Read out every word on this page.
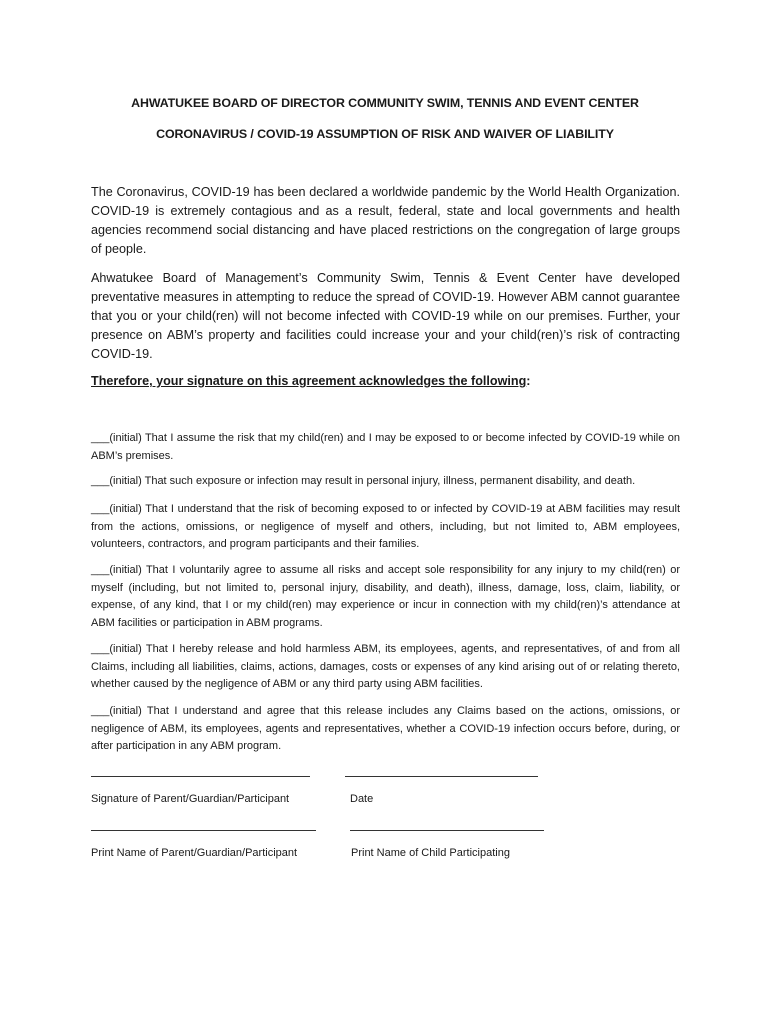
AHWATUKEE BOARD OF DIRECTOR COMMUNITY SWIM, TENNIS AND EVENT CENTER
CORONAVIRUS / COVID-19 ASSUMPTION OF RISK AND WAIVER OF LIABILITY

The Coronavirus, COVID-19 has been declared a worldwide pandemic by the World Health Organization. COVID-19 is extremely contagious and as a result, federal, state and local governments and health agencies recommend social distancing and have placed restrictions on the congregation of large groups of people.

Ahwatukee Board of Management’s Community Swim, Tennis & Event Center have developed preventative measures in attempting to reduce the spread of COVID-19. However ABM cannot guarantee that you or your child(ren) will not become infected with COVID-19 while on our premises. Further, your presence on ABM’s property and facilities could increase your and your child(ren)’s risk of contracting COVID-19.

Therefore, your signature on this agreement acknowledges the following:

___(initial) That I assume the risk that my child(ren) and I may be exposed to or become infected by COVID-19 while on ABM’s premises.

___(initial) That such exposure or infection may result in personal injury, illness, permanent disability, and death.

___(initial) That I understand that the risk of becoming exposed to or infected by COVID-19 at ABM facilities may result from the actions, omissions, or negligence of myself and others, including, but not limited to, ABM employees, volunteers, contractors, and program participants and their families.

___(initial) That I voluntarily agree to assume all risks and accept sole responsibility for any injury to my child(ren) or myself (including, but not limited to, personal injury, disability, and death), illness, damage, loss, claim, liability, or expense, of any kind, that I or my child(ren) may experience or incur in connection with my child(ren)’s attendance at ABM facilities or participation in ABM programs.

___(initial) That I hereby release and hold harmless ABM, its employees, agents, and representatives, of and from all Claims, including all liabilities, claims, actions, damages, costs or expenses of any kind arising out of or relating thereto, whether caused by the negligence of ABM or any third party using ABM facilities.

___(initial) That I understand and agree that this release includes any Claims based on the actions, omissions, or negligence of ABM, its employees, agents and representatives, whether a COVID-19 infection occurs before, during, or after participation in any ABM program.

Signature of Parent/Guardian/Participant	Date
Print Name of Parent/Guardian/Participant	Print Name of Child Participating
